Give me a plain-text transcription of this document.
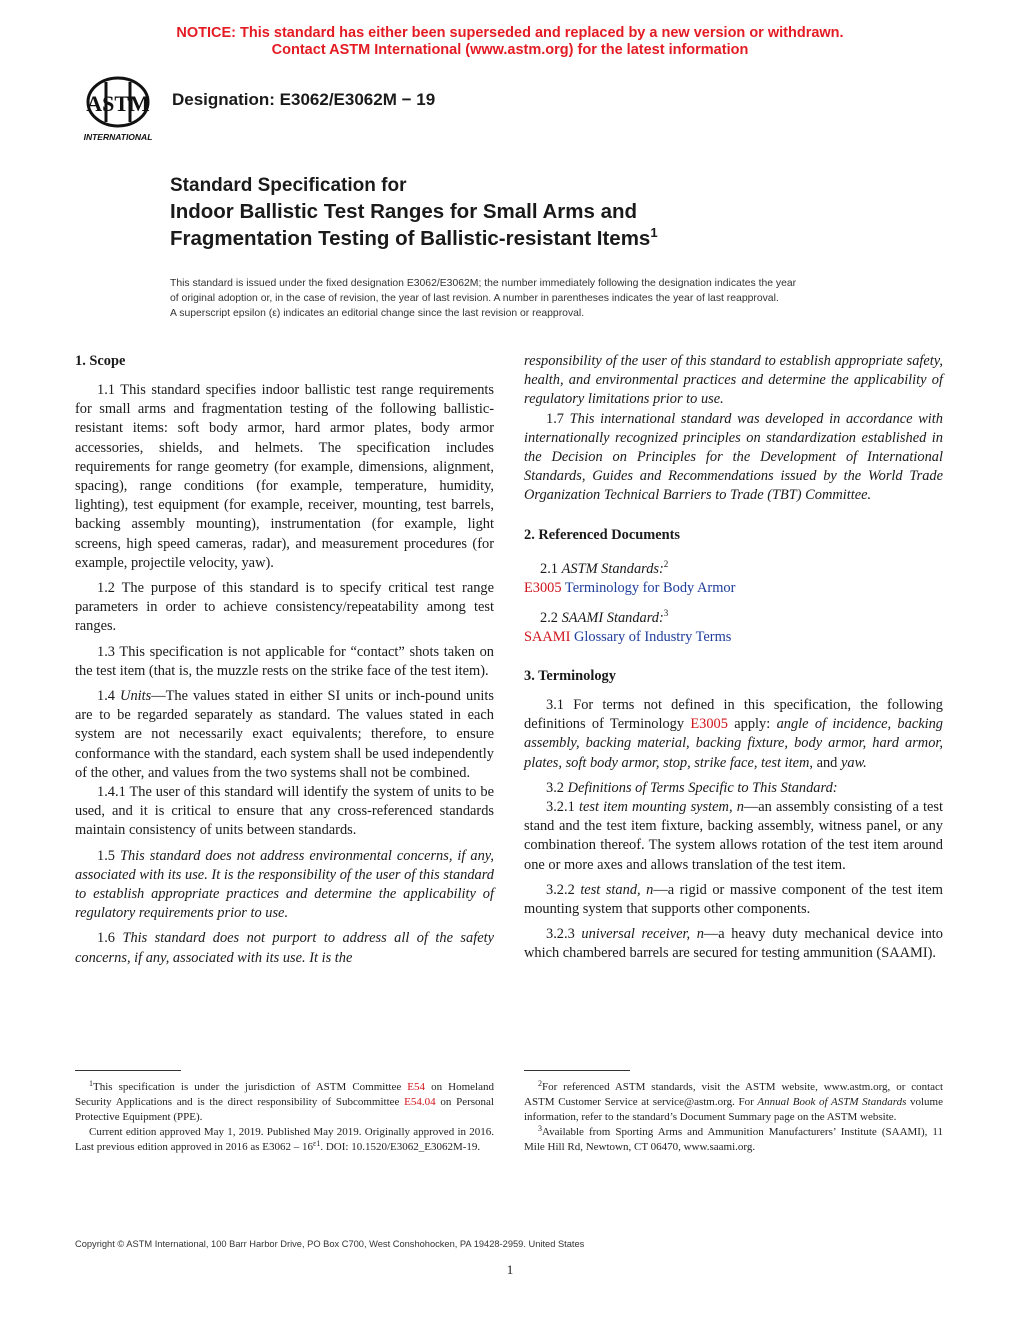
NOTICE: This standard has either been superseded and replaced by a new version or withdrawn.
Contact ASTM International (www.astm.org) for the latest information
ASTM
INTERNATIONAL
Designation: E3062/E3062M − 19
Standard Specification for
Indoor Ballistic Test Ranges for Small Arms and
Fragmentation Testing of Ballistic-resistant Items$^1$
This standard is issued under the fixed designation E3062/E3062M; the number immediately following the designation indicates the year
of original adoption or, in the case of revision, the year of last revision. A number in parentheses indicates the year of last reapproval.
A superscript epsilon (ε) indicates an editorial change since the last revision or reapproval.
1. Scope

1.1 This standard specifies indoor ballistic test range requirements for small arms and fragmentation testing of the following ballistic-resistant items: soft body armor, hard armor plates, body armor accessories, shields, and helmets. The specification includes requirements for range geometry (for example, dimensions, alignment, spacing), range conditions (for example, temperature, humidity, lighting), test equipment (for example, receiver, mounting, test barrels, backing assembly mounting), instrumentation (for example, light screens, high speed cameras, radar), and measurement procedures (for example, projectile velocity, yaw).

1.2 The purpose of this standard is to specify critical test range parameters in order to achieve consistency/repeatability among test ranges.

1.3 This specification is not applicable for “contact” shots taken on the test item (that is, the muzzle rests on the strike face of the test item).

1.4 Units—The values stated in either SI units or inch-pound units are to be regarded separately as standard. The values stated in each system are not necessarily exact equivalents; therefore, to ensure conformance with the standard, each system shall be used independently of the other, and values from the two systems shall not be combined.

1.4.1 The user of this standard will identify the system of units to be used, and it is critical to ensure that any cross-referenced standards maintain consistency of units between standards.

1.5 This standard does not address environmental concerns, if any, associated with its use. It is the responsibility of the user of this standard to establish appropriate practices and determine the applicability of regulatory requirements prior to use.

1.6 This standard does not purport to address all of the safety concerns, if any, associated with its use. It is the

responsibility of the user of this standard to establish appropriate safety, health, and environmental practices and determine the applicability of regulatory limitations prior to use.

1.7 This international standard was developed in accordance with internationally recognized principles on standardization established in the Decision on Principles for the Development of International Standards, Guides and Recommendations issued by the World Trade Organization Technical Barriers to Trade (TBT) Committee.

2. Referenced Documents

2.1 ASTM Standards:$^2$

E3005 Terminology for Body Armor

2.2 SAAMI Standard:$^3$

SAAMI Glossary of Industry Terms

3. Terminology

3.1 For terms not defined in this specification, the following definitions of Terminology E3005 apply: angle of incidence, backing assembly, backing material, backing fixture, body armor, hard armor, plates, soft body armor, stop, strike face, test item, and yaw.

3.2 Definitions of Terms Specific to This Standard:

3.2.1 test item mounting system, n—an assembly consisting of a test stand and the test item fixture, backing assembly, witness panel, or any combination thereof. The system allows rotation of the test item around one or more axes and allows translation of the test item.

3.2.2 test stand, n—a rigid or massive component of the test item mounting system that supports other components.

3.2.3 universal receiver, n—a heavy duty mechanical device into which chambered barrels are secured for testing ammunition (SAAMI).

$^1$This specification is under the jurisdiction of ASTM Committee E54 on Homeland Security Applications and is the direct responsibility of Subcommittee E54.04 on Personal Protective Equipment (PPE).

Current edition approved May 1, 2019. Published May 2019. Originally approved in 2016. Last previous edition approved in 2016 as $E3062 - 16^{\varepsilon 1}$. DOI: 10.1520/E3062_E3062M-19.

$^2$For referenced ASTM standards, visit the ASTM website, www.astm.org, or contact ASTM Customer Service at service@astm.org. For Annual Book of ASTM Standards volume information, refer to the standard’s Document Summary page on the ASTM website.

$^3$Available from Sporting Arms and Ammunition Manufacturers’ Institute (SAAMI), 11 Mile Hill Rd, Newtown, CT 06470, www.saami.org.

Copyright © ASTM International, 100 Barr Harbor Drive, PO Box C700, West Conshohocken, PA 19428-2959. United States
1
